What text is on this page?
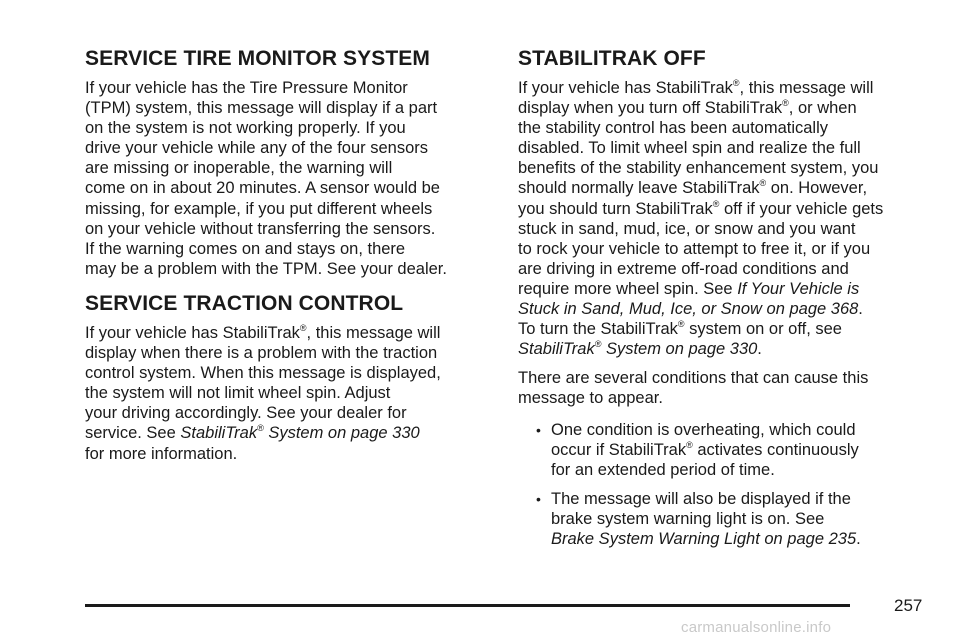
SERVICE TIRE MONITOR SYSTEM

If your vehicle has the Tire Pressure Monitor
(TPM) system, this message will display if a part
on the system is not working properly. If you
drive your vehicle while any of the four sensors
are missing or inoperable, the warning will
come on in about 20 minutes. A sensor would be
missing, for example, if you put different wheels
on your vehicle without transferring the sensors.
If the warning comes on and stays on, there
may be a problem with the TPM. See your dealer.

SERVICE TRACTION CONTROL

If your vehicle has StabiliTrak®, this message will
display when there is a problem with the traction
control system. When this message is displayed,
the system will not limit wheel spin. Adjust
your driving accordingly. See your dealer for
service. See StabiliTrak® System on page 330
for more information.

STABILITRAK OFF

If your vehicle has StabiliTrak®, this message will
display when you turn off StabiliTrak®, or when
the stability control has been automatically
disabled. To limit wheel spin and realize the full
benefits of the stability enhancement system, you
should normally leave StabiliTrak® on. However,
you should turn StabiliTrak® off if your vehicle gets
stuck in sand, mud, ice, or snow and you want
to rock your vehicle to attempt to free it, or if you
are driving in extreme off-road conditions and
require more wheel spin. See If Your Vehicle is
Stuck in Sand, Mud, Ice, or Snow on page 368.
To turn the StabiliTrak® system on or off, see
StabiliTrak® System on page 330.

There are several conditions that can cause this
message to appear.

• One condition is overheating, which could
occur if StabiliTrak® activates continuously
for an extended period of time.
• The message will also be displayed if the
brake system warning light is on. See
Brake System Warning Light on page 235.
257
carmanualsonline.info
